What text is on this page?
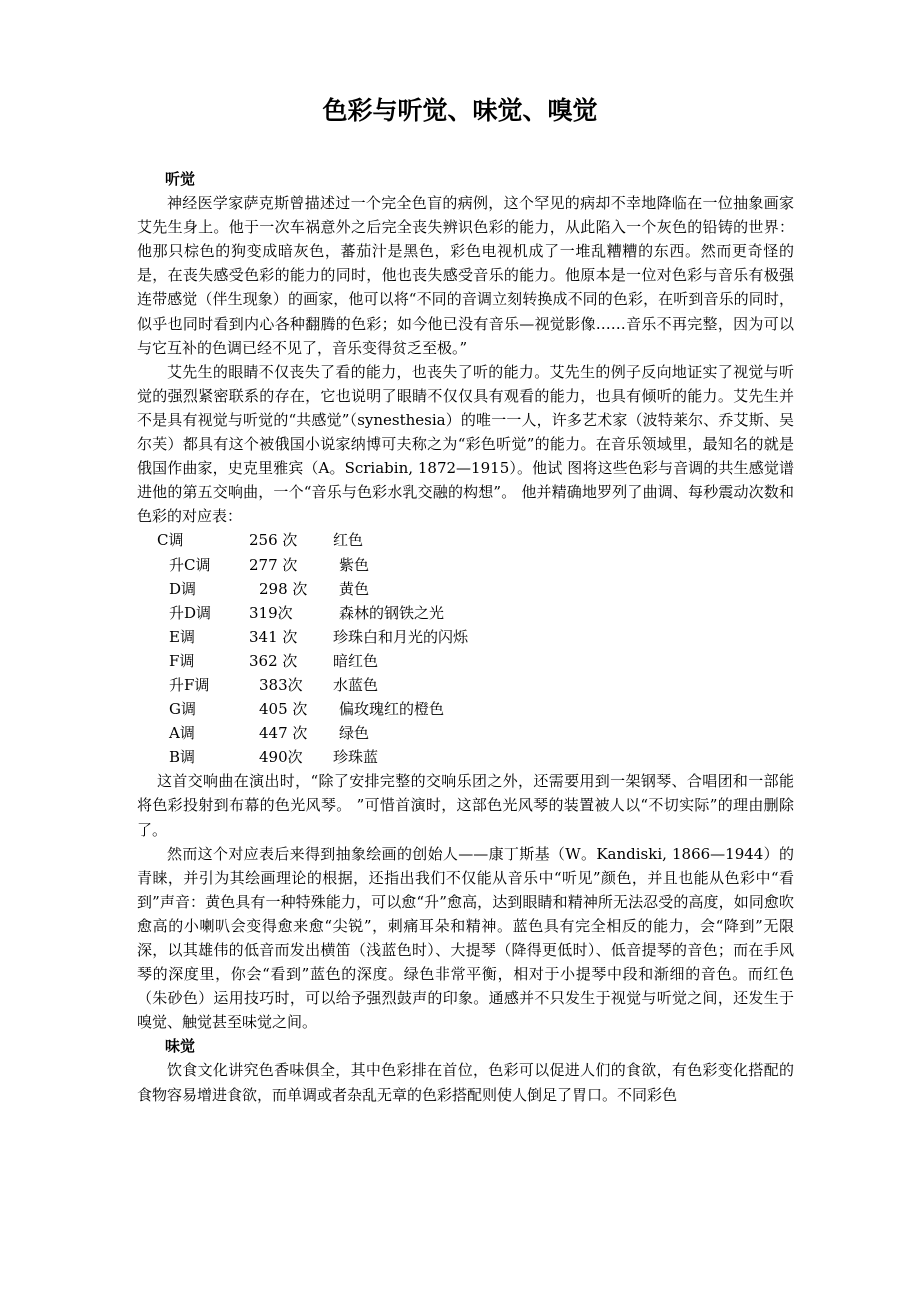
色彩与听觉、味觉、嗅觉

听觉

神经医学家萨克斯曾描述过一个完全色盲的病例，这个罕见的病却不幸地降临在一位抽象画家艾先生身上。他于一次车祸意外之后完全丧失辨识色彩的能力，从此陷入一个灰色的铅铸的世界：他那只棕色的狗变成暗灰色，蕃茄汁是黑色，彩色电视机成了一堆乱糟糟的东西。然而更奇怪的是，在丧失感受色彩的能力的同时，他也丧失感受音乐的能力。他原本是一位对色彩与音乐有极强连带感觉（伴生现象）的画家，他可以将“不同的音调立刻转换成不同的色彩，在听到音乐的同时，似乎也同时看到内心各种翻腾的色彩；如今他已没有音乐—视觉影像……音乐不再完整，因为可以与它互补的色调已经不见了，音乐变得贫乏至极。”

艾先生的眼睛不仅丧失了看的能力，也丧失了听的能力。艾先生的例子反向地证实了视觉与听觉的强烈紧密联系的存在，它也说明了眼睛不仅仅具有观看的能力，也具有倾听的能力。艾先生并不是具有视觉与听觉的“共感觉”（synesthesia）的唯一一人，许多艺术家（波特莱尔、乔艾斯、吴尔芙）都具有这个被俄国小说家纳博可夫称之为“彩色听觉”的能力。在音乐领域里，最知名的就是俄国作曲家，史克里雅宾（A。Scriabin, 1872—1915）。他试 图将这些色彩与音调的共生感觉谱进他的第五交响曲，一个“音乐与色彩水乳交融的构想”。 他并精确地罗列了曲调、每秒震动次数和色彩的对应表：

C调	256 次	红色
升C调	277 次	紫色
D调	298 次	黄色
升D调	319次	森林的钢铁之光
E调	341 次	珍珠白和月光的闪烁
F调	362 次	暗红色
升F调	383次	水蓝色
G调	405 次	偏玫瑰红的橙色
A调	447 次	绿色
B调	490次	珍珠蓝

这首交响曲在演出时，“除了安排完整的交响乐团之外，还需要用到一架钢琴、合唱团和一部能将色彩投射到布幕的色光风琴。 ”可惜首演时，这部色光风琴的装置被人以“不切实际”的理由删除了。

然而这个对应表后来得到抽象绘画的创始人——康丁斯基（W。Kandiski, 1866—1944）的青睐，并引为其绘画理论的根据，还指出我们不仅能从音乐中“听见”颜色，并且也能从色彩中“看到”声音：黄色具有一种特殊能力，可以愈“升”愈高，达到眼睛和精神所无法忍受的高度，如同愈吹愈高的小喇叭会变得愈来愈“尖锐”，刺痛耳朵和精神。蓝色具有完全相反的能力，会“降到”无限深，以其雄伟的低音而发出横笛（浅蓝色时）、大提琴（降得更低时）、低音提琴的音色；而在手风琴的深度里，你会“看到”蓝色的深度。绿色非常平衡，相对于小提琴中段和渐细的音色。而红色（朱砂色）运用技巧时，可以给予强烈鼓声的印象。通感并不只发生于视觉与听觉之间，还发生于嗅觉、触觉甚至味觉之间。

味觉

饮食文化讲究色香味俱全，其中色彩排在首位，色彩可以促进人们的食欲，有色彩变化搭配的食物容易增进食欲，而单调或者杂乱无章的色彩搭配则使人倒足了胃口。不同彩色
